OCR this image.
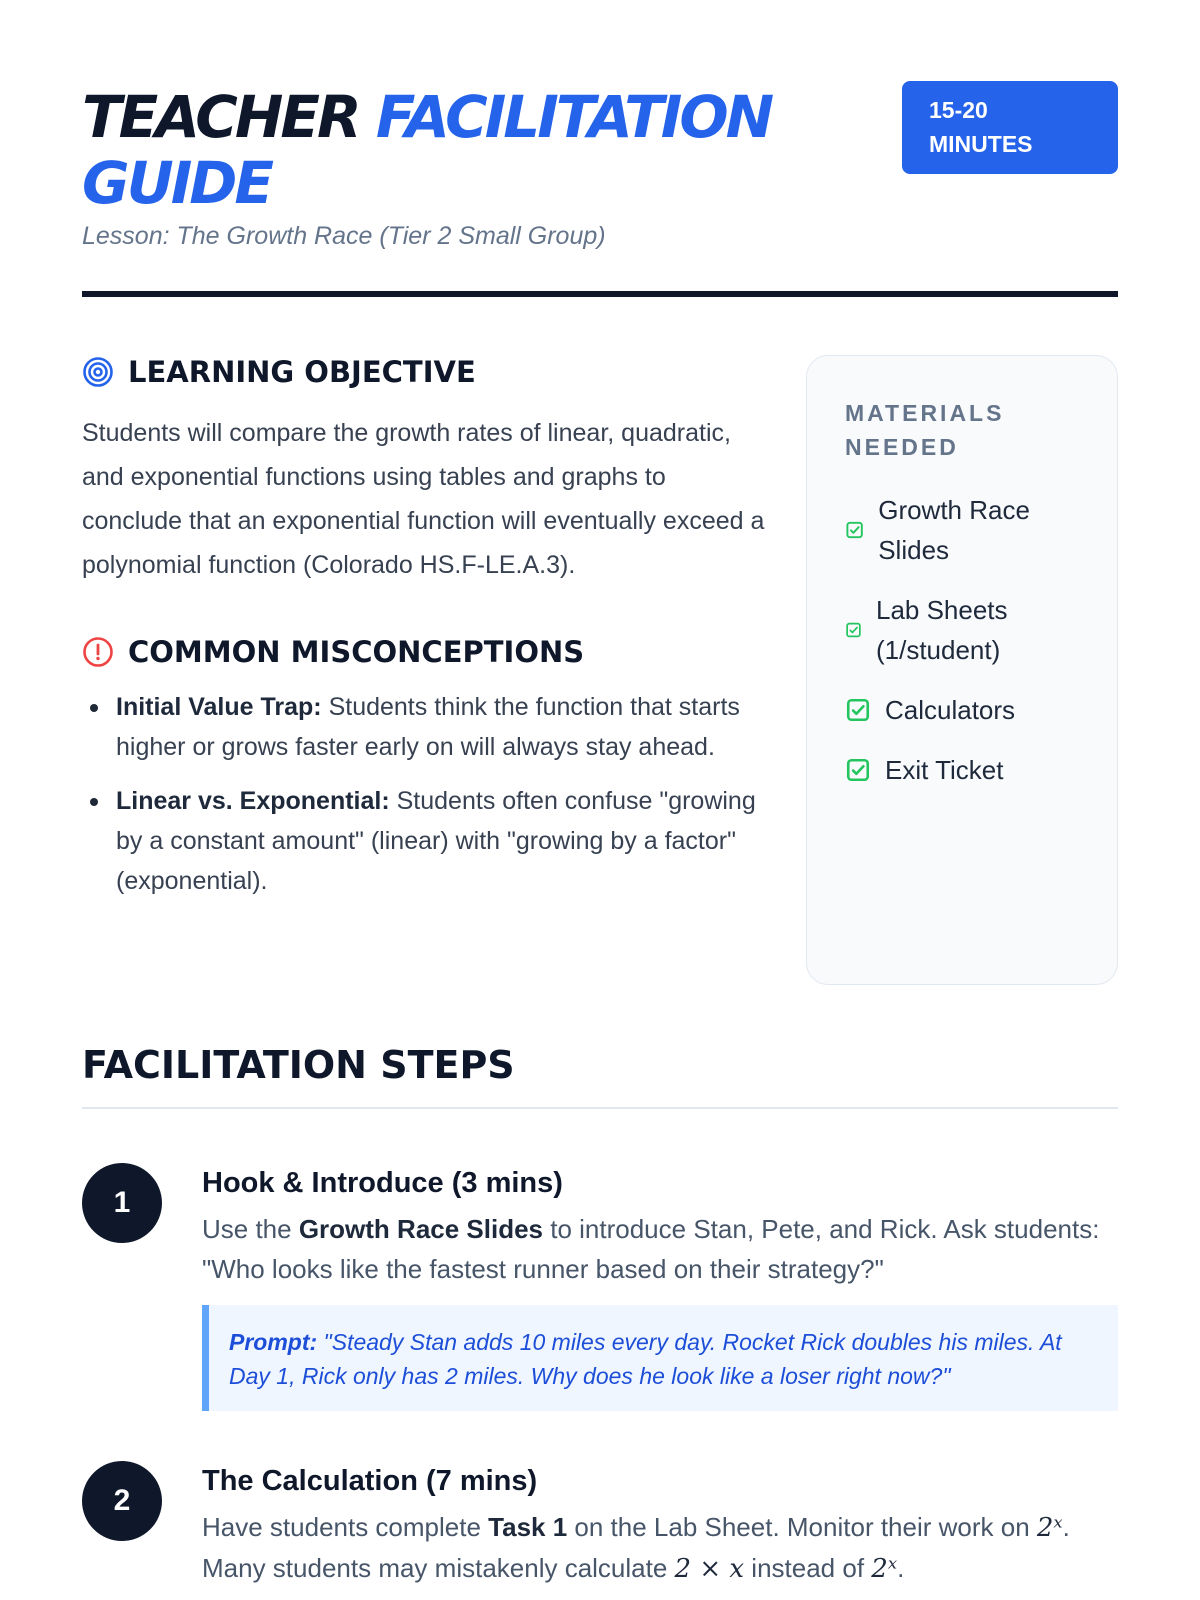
TEACHER FACILITATION GUIDE
Lesson: The Growth Race (Tier 2 Small Group)
15-20 MINUTES
LEARNING OBJECTIVE

Students will compare the growth rates of linear, quadratic, and exponential functions using tables and graphs to conclude that an exponential function will eventually exceed a polynomial function (Colorado HS.F-LE.A.3).

COMMON MISCONCEPTIONS
Initial Value Trap: Students think the function that starts higher or grows faster early on will always stay ahead.
Linear vs. Exponential: Students often confuse "growing by a constant amount" (linear) with "growing by a factor" (exponential).
MATERIALS NEEDED
Growth Race Slides
Lab Sheets (1/student)
Calculators
Exit Ticket
FACILITATION STEPS
1
Hook & Introduce (3 mins)

Use the Growth Race Slides to introduce Stan, Pete, and Rick. Ask students: "Who looks like the fastest runner based on their strategy?"

Prompt: "Steady Stan adds 10 miles every day. Rocket Rick doubles his miles. At Day 1, Rick only has 2 miles. Why does he look like a loser right now?"
2
The Calculation (7 mins)

Have students complete Task 1 on the Lab Sheet. Monitor their work on 2ˣ. Many students may mistakenly calculate 2 × x instead of 2ˣ.
